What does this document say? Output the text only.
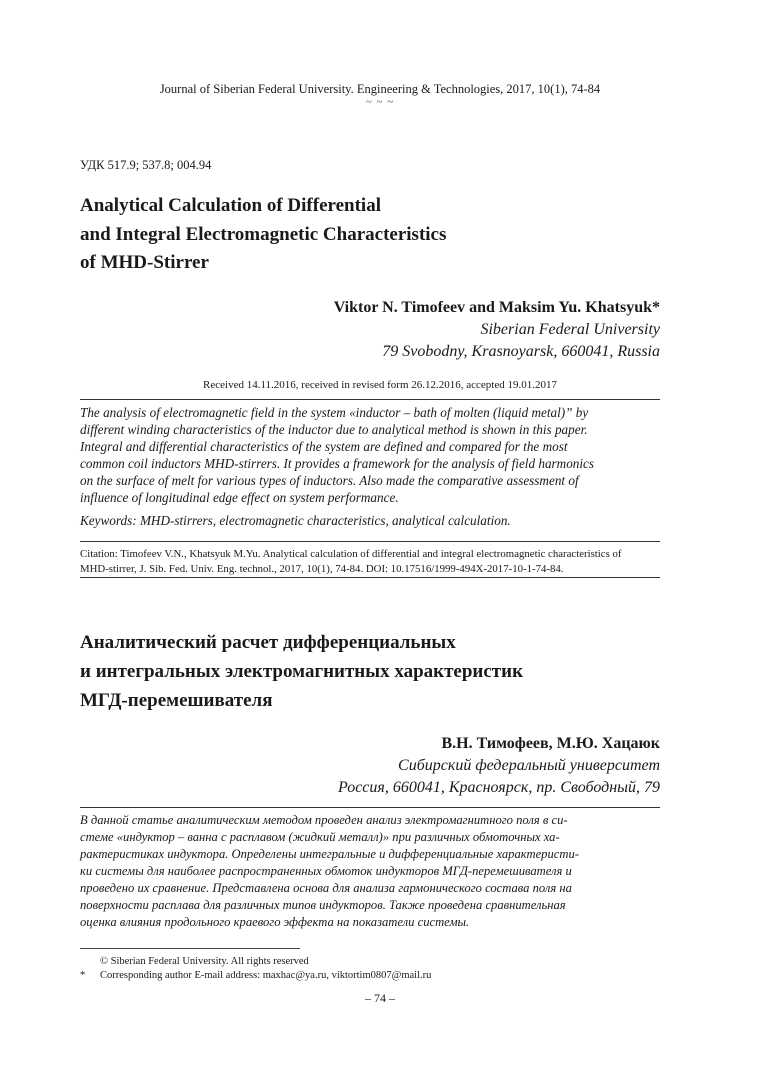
Journal of Siberian Federal University. Engineering & Technologies, 2017, 10(1), 74-84
~ ~ ~
УДК 517.9; 537.8; 004.94
Analytical Calculation of Differential
and Integral Electromagnetic Characteristics
of MHD-Stirrer
Viktor N. Timofeev and Maksim Yu. Khatsyuk*
Siberian Federal University
79 Svobodny, Krasnoyarsk, 660041, Russia
Received 14.11.2016, received in revised form 26.12.2016, accepted 19.01.2017
The analysis of electromagnetic field in the system «inductor – bath of molten (liquid metal)” by
different winding characteristics of the inductor due to analytical method is shown in this paper.
Integral and differential characteristics of the system are defined and compared for the most
common coil inductors MHD-stirrers. It provides a framework for the analysis of field harmonics
on the surface of melt for various types of inductors. Also made the comparative assessment of
influence of longitudinal edge effect on system performance.
Keywords: MHD-stirrers, electromagnetic characteristics, analytical calculation.
Citation: Timofeev V.N., Khatsyuk M.Yu. Analytical calculation of differential and integral electromagnetic characteristics of
MHD-stirrer, J. Sib. Fed. Univ. Eng. technol., 2017, 10(1), 74-84. DOI: 10.17516/1999-494X-2017-10-1-74-84.
Аналитический расчет дифференциальных
и интегральных электромагнитных характеристик
МГД-перемешивателя
В.Н. Тимофеев, М.Ю. Хацаюк
Сибирский федеральный университет
Россия, 660041, Красноярск, пр. Свободный, 79
В данной статье аналитическим методом проведен анализ электромагнитного поля в си-
стеме «индуктор – ванна с расплавом (жидкий металл)» при различных обмоточных ха-
рактеристиках индуктора. Определены интегральные и дифференциальные характеристи-
ки системы для наиболее распространенных обмоток индукторов МГД-перемешивателя и
проведено их сравнение. Представлена основа для анализа гармонического состава поля на
поверхности расплава для различных типов индукторов. Также проведена сравнительная
оценка влияния продольного краевого эффекта на показатели системы.
© Siberian Federal University. All rights reserved
*	Corresponding author E-mail address: maxhac@ya.ru, viktortim0807@mail.ru
– 74 –
